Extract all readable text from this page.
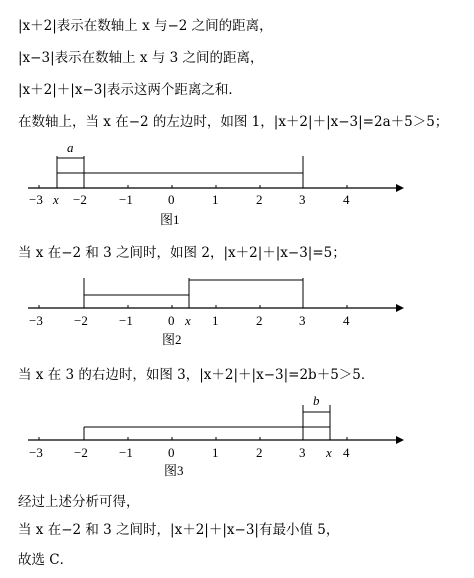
|x＋2|表示在数轴上 x 与−2 之间的距离，
|x−3|表示在数轴上 x 与 3 之间的距离，
|x＋2|＋|x−3|表示这两个距离之和．
在数轴上，当 x 在−2 的左边时，如图 1，|x＋2|＋|x−3|=2a＋5＞5；
a
−3 x −2 −1	0	1	2	3	4
图1
当 x 在−2 和 3 之间时，如图 2，|x＋2|＋|x−3|=5；
−3 −2 −1	0 x 1	2	3	4
图2
当 x 在 3 的右边时，如图 3，|x＋2|＋|x−3|=2b＋5＞5．
b
−3 −2 −1	0	1	2	3 x 4
图3
经过上述分析可得，
当 x 在−2 和 3 之间时，|x＋2|＋|x−3|有最小值 5，
故选 C．
